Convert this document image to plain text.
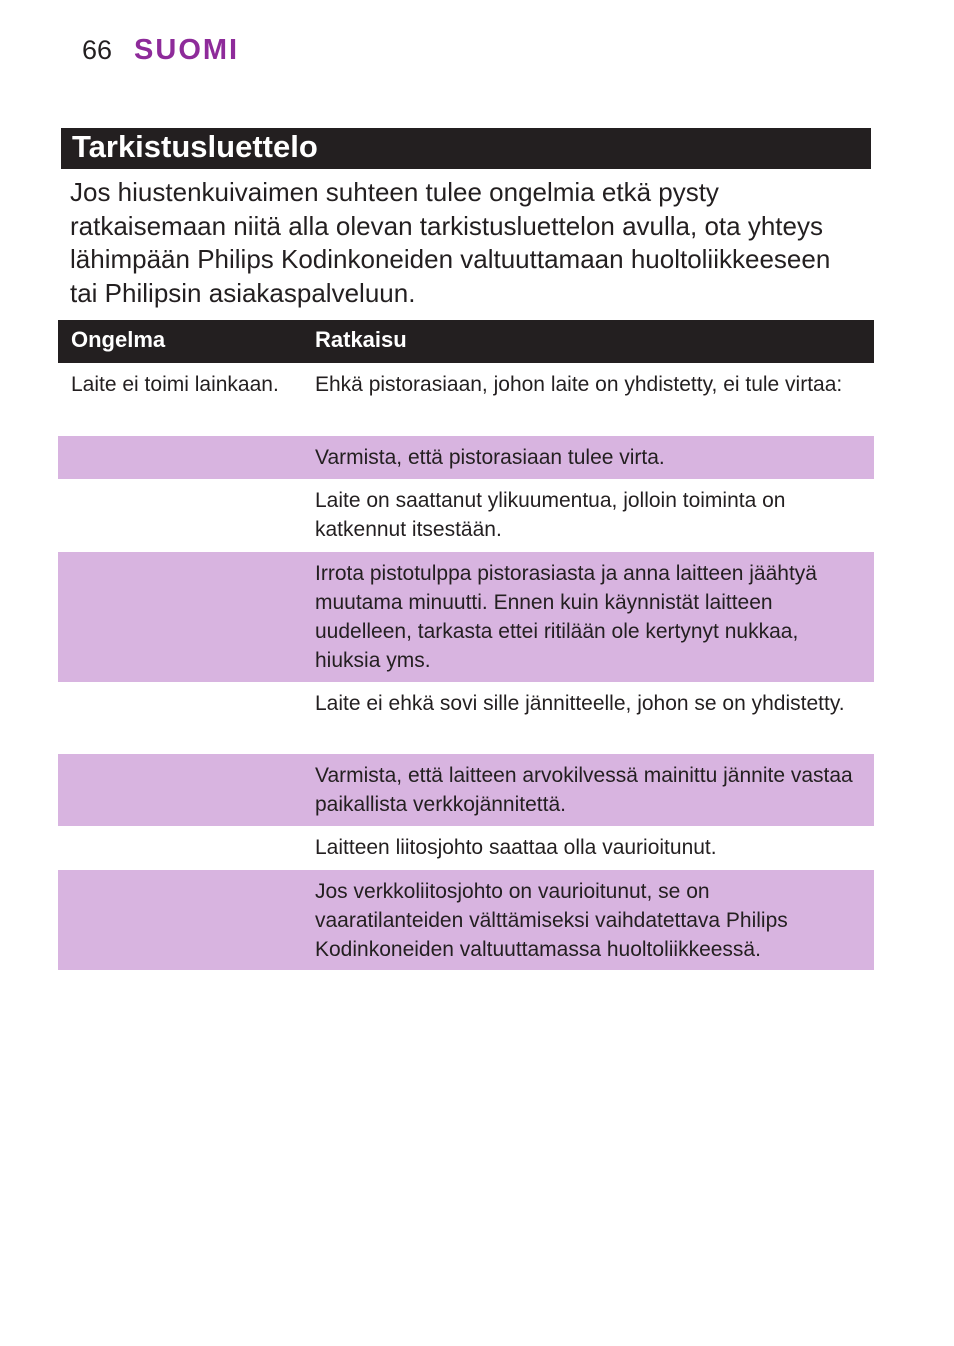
66 SUOMI
Tarkistusluettelo
Jos hiustenkuivaimen suhteen tulee ongelmia etkä pysty ratkaisemaan niitä alla olevan tarkistusluettelon avulla, ota yhteys lähimpään Philips Kodinkoneiden valtuuttamaan huoltoliikkeeseen tai Philipsin asiakaspalveluun.
Ongelma	Ratkaisu
Laite ei toimi lainkaan.	Ehkä pistorasiaan, johon laite on yhdistetty, ei tule virtaa:
Varmista, että pistorasiaan tulee virta.
Laite on saattanut ylikuumentua, jolloin toiminta on katkennut itsestään.
Irrota pistotulppa pistorasiasta ja anna laitteen jäähtyä muutama minuutti. Ennen kuin käynnistät laitteen uudelleen, tarkasta ettei ritilään ole kertynyt nukkaa, hiuksia yms.
Laite ei ehkä sovi sille jännitteelle, johon se on yhdistetty.
Varmista, että laitteen arvokilvessä mainittu jännite vastaa paikallista verkkojännitettä.
Laitteen liitosjohto saattaa olla vaurioitunut.
Jos verkkoliitosjohto on vaurioitunut, se on vaaratilanteiden välttämiseksi vaihdatettava Philips Kodinkoneiden valtuuttamassa huoltoliikkeessä.
